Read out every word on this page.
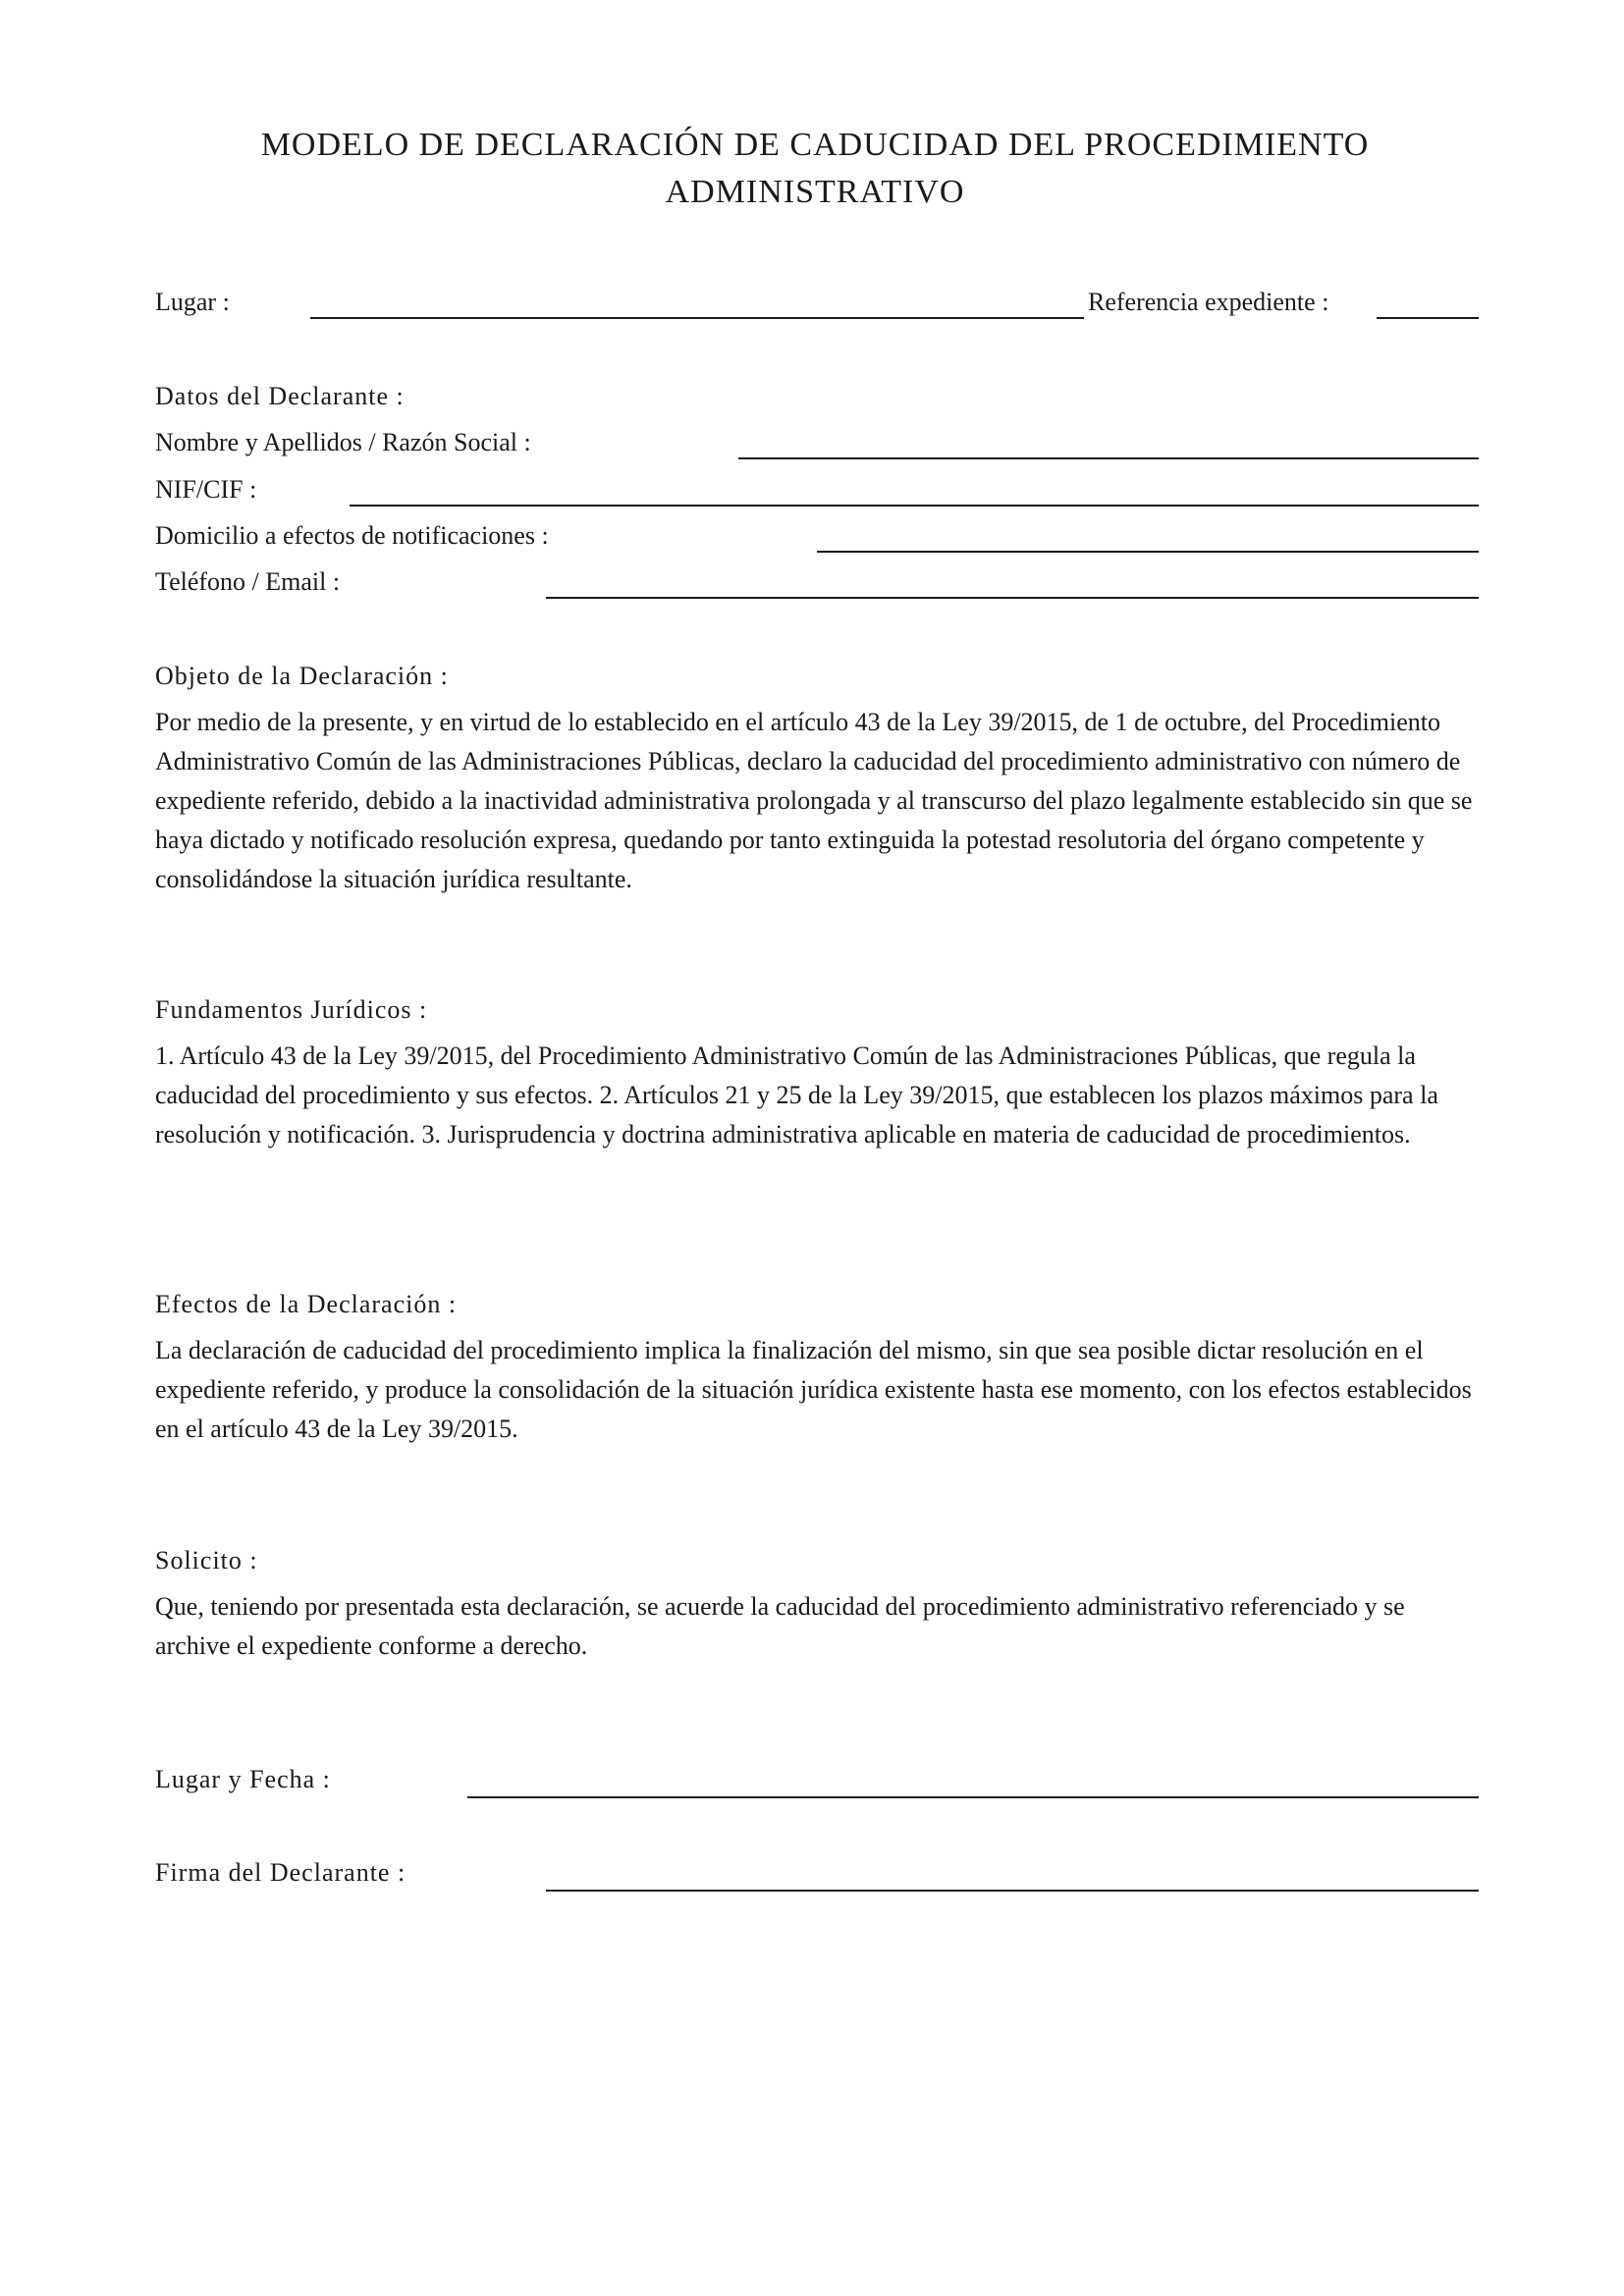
MODELO DE DECLARACIÓN DE CADUCIDAD DEL PROCEDIMIENTO
ADMINISTRATIVO
Lugar :	Referencia expediente :
Datos del Declarante :
Nombre y Apellidos / Razón Social :
NIF/CIF :
Domicilio a efectos de notificaciones :
Teléfono / Email :
Objeto de la Declaración :

Por medio de la presente, y en virtud de lo establecido en el artículo 43 de la Ley 39/2015, de 1 de octubre, del Procedimiento Administrativo Común de las Administraciones Públicas, declaro la caducidad del procedimiento administrativo con número de expediente referido, debido a la inactividad administrativa prolongada y al transcurso del plazo legalmente establecido sin que se haya dictado y notificado resolución expresa, quedando por tanto extinguida la potestad resolutoria del órgano competente y consolidándose la situación jurídica resultante.

Fundamentos Jurídicos :

1. Artículo 43 de la Ley 39/2015, del Procedimiento Administrativo Común de las Administraciones Públicas, que regula la caducidad del procedimiento y sus efectos. 2. Artículos 21 y 25 de la Ley 39/2015, que establecen los plazos máximos para la resolución y notificación. 3. Jurisprudencia y doctrina administrativa aplicable en materia de caducidad de procedimientos.

Efectos de la Declaración :

La declaración de caducidad del procedimiento implica la finalización del mismo, sin que sea posible dictar resolución en el expediente referido, y produce la consolidación de la situación jurídica existente hasta ese momento, con los efectos establecidos en el artículo 43 de la Ley 39/2015.

Solicito :

Que, teniendo por presentada esta declaración, se acuerde la caducidad del procedimiento administrativo referenciado y se archive el expediente conforme a derecho.

Lugar y Fecha :
Firma del Declarante :
